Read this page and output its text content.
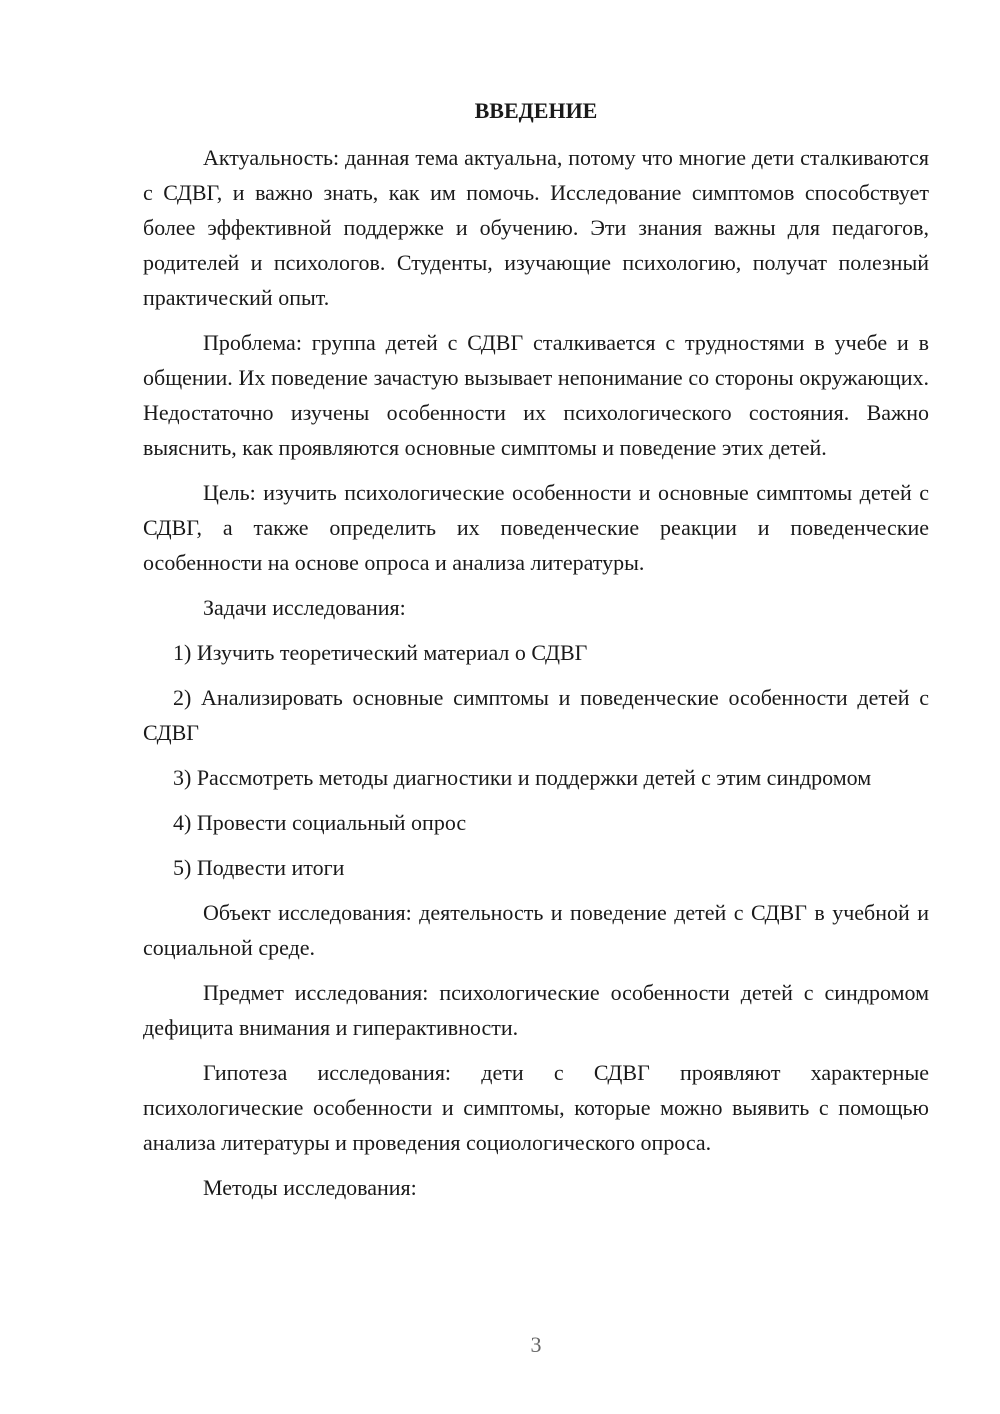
ВВЕДЕНИЕ

Актуальность: данная тема актуальна, потому что многие дети сталкиваются с СДВГ, и важно знать, как им помочь. Исследование симптомов способствует более эффективной поддержке и обучению. Эти знания важны для педагогов, родителей и психологов. Студенты, изучающие психологию, получат полезный практический опыт.

Проблема: группа детей с СДВГ сталкивается с трудностями в учебе и в общении. Их поведение зачастую вызывает непонимание со стороны окружающих. Недостаточно изучены особенности их психологического состояния. Важно выяснить, как проявляются основные симптомы и поведение этих детей.

Цель: изучить психологические особенности и основные симптомы детей с СДВГ, а также определить их поведенческие реакции и поведенческие особенности на основе опроса и анализа литературы.

Задачи исследования:

1) Изучить теоретический материал о СДВГ

2) Анализировать основные симптомы и поведенческие особенности детей с СДВГ

3) Рассмотреть методы диагностики и поддержки детей с этим синдромом

4) Провести социальный опрос

5) Подвести итоги

Объект исследования: деятельность и поведение детей с СДВГ в учебной и социальной среде.

Предмет исследования: психологические особенности детей с синдромом дефицита внимания и гиперактивности.

Гипотеза исследования: дети с СДВГ проявляют характерные психологические особенности и симптомы, которые можно выявить с помощью анализа литературы и проведения социологического опроса.

Методы исследования:

3
